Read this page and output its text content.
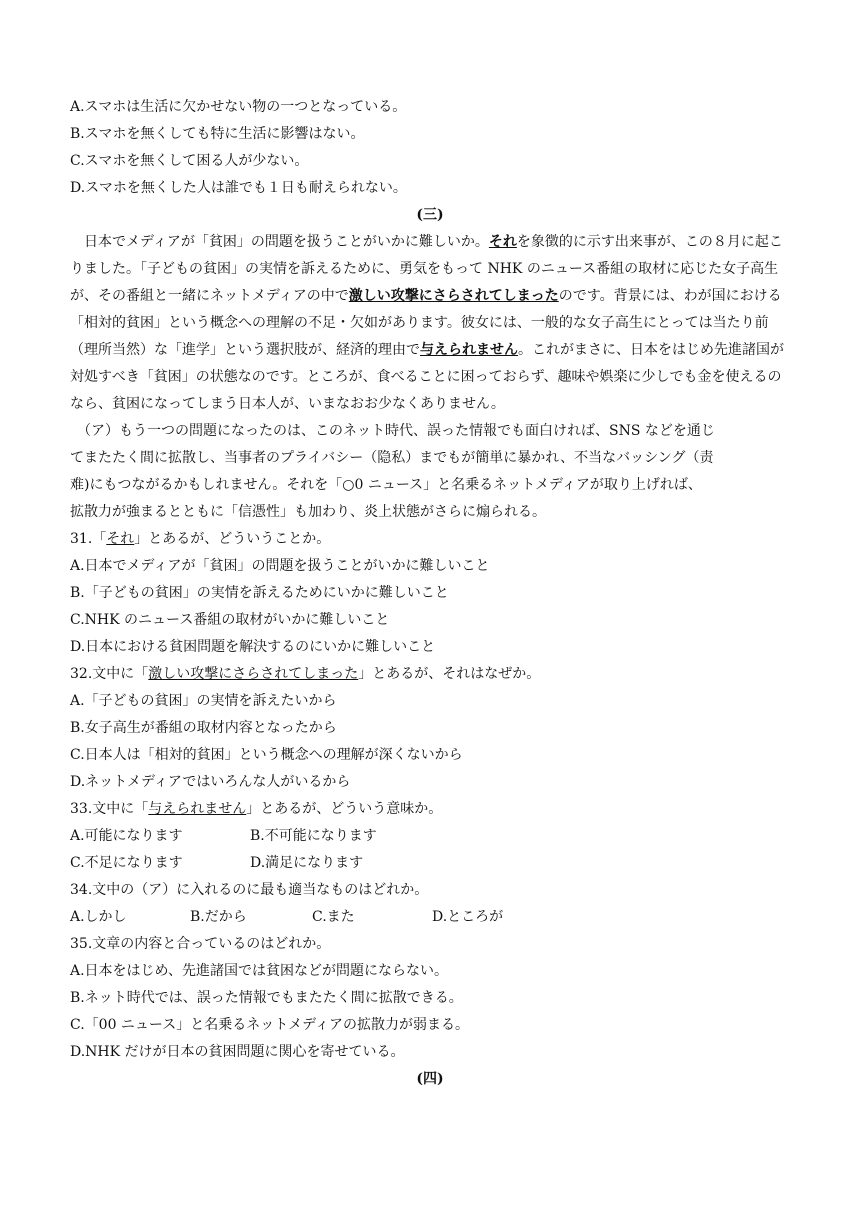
A.スマホは生活に欠かせない物の一つとなっている。
B.スマホを無くしても特に生活に影響はない。
C.スマホを無くして困る人が少ない。
D.スマホを無くした人は誰でも１日も耐えられない。
(三)
日本でメディアが「貧困」の問題を扱うことがいかに難しいか。それを象徴的に示す出来事が、この８月に起こりました。「子どもの貧困」の実情を訴えるために、勇気をもって NHK のニュース番組の取材に応じた女子高生が、その番組と一緒にネットメディアの中で激しい攻撃にさらされてしまったのです。背景には、わが国における「相対的貧困」という概念への理解の不足・欠如があります。彼女には、一般的な女子高生にとっては当たり前（理所当然）な「進学」という選択肢が、経済的理由で与えられません。これがまさに、日本をはじめ先進諸国が対処すべき「貧困」の状態なのです。ところが、食べることに困っておらず、趣味や娯楽に少しでも金を使えるのなら、貧困になってしまう日本人が、いまなおお少なくありません。
（ア）もう一つの問題になったのは、このネット時代、誤った情報でも面白ければ、SNS などを通じ
てまたたく間に拡散し、当事者のプライバシー（隐私）までもが簡単に暴かれ、不当なバッシング（责
难)にもつながるかもしれません。それを「○0 ニュース」と名乗るネットメディアが取り上げれば、
拡散力が強まるとともに「信憑性」も加わり、炎上状態がさらに煽られる。
31.「それ」とあるが、どういうことか。
A.日本でメディアが「貧困」の問題を扱うことがいかに難しいこと
B.「子どもの貧困」の実情を訴えるためにいかに難しいこと
C.NHK のニュース番組の取材がいかに難しいこと
D.日本における貧困問題を解決するのにいかに難しいこと
32.文中に「激しい攻撃にさらされてしまった」とあるが、それはなぜか。
A.「子どもの貧困」の実情を訴えたいから
B.女子高生が番組の取材内容となったから
C.日本人は「相対的貧困」という概念への理解が深くないから
D.ネットメディアではいろんな人がいるから
33.文中に「与えられません」とあるが、どういう意味か。
A.可能になります	B.不可能になります
C.不足になります	D.満足になります
34.文中の（ア）に入れるのに最も適当なものはどれか。
A.しかし	B.だから	C.また	D.ところが
35.文章の内容と合っているのはどれか。
A.日本をはじめ、先進諸国では貧困などが問題にならない。
B.ネット時代では、誤った情報でもまたたく間に拡散できる。
C.「00 ニュース」と名乗るネットメディアの拡散力が弱まる。
D.NHK だけが日本の貧困問題に関心を寄せている。
(四)
